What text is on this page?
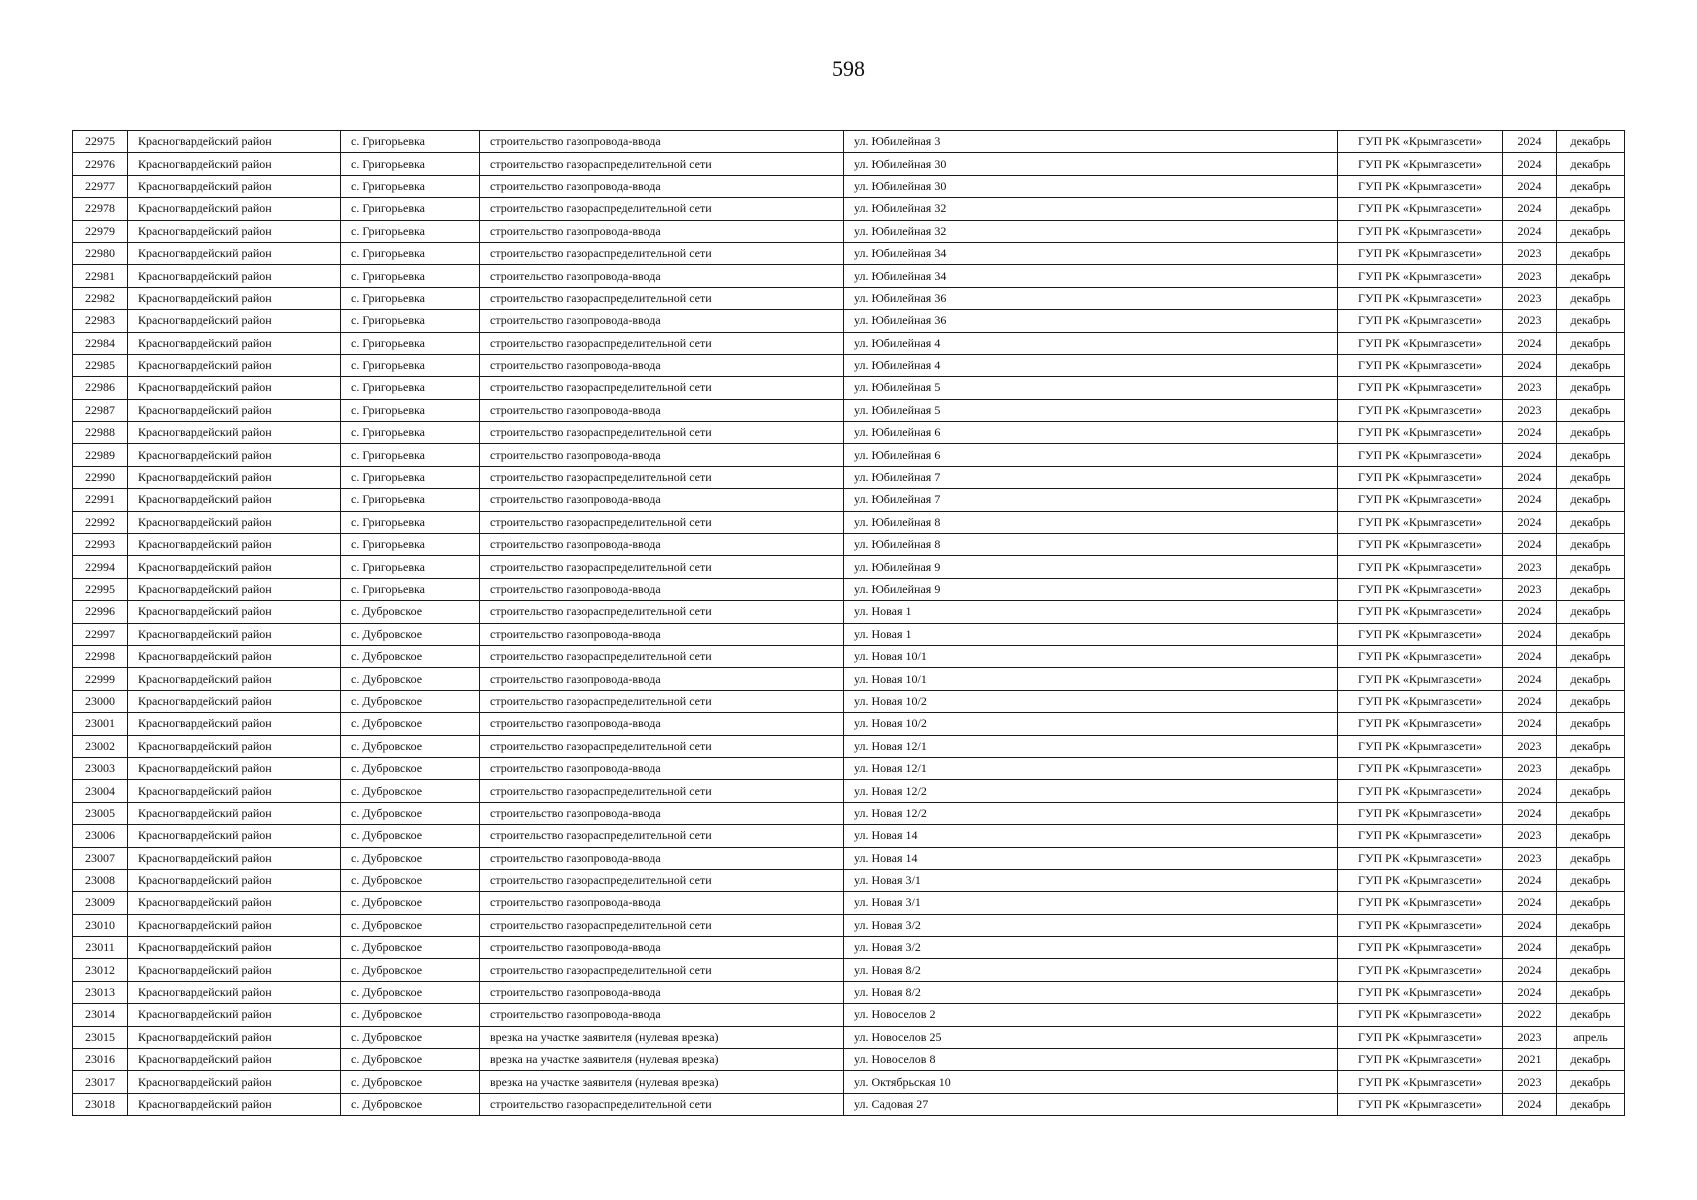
598
22975	Красногвардейский район	с. Григорьевка	строительство газопровода-ввода	ул. Юбилейная 3	ГУП РК «Крымгазсети»	2024	декабрь
22976	Красногвардейский район	с. Григорьевка	строительство газораспределительной сети	ул. Юбилейная 30	ГУП РК «Крымгазсети»	2024	декабрь
22977	Красногвардейский район	с. Григорьевка	строительство газопровода-ввода	ул. Юбилейная 30	ГУП РК «Крымгазсети»	2024	декабрь
22978	Красногвардейский район	с. Григорьевка	строительство газораспределительной сети	ул. Юбилейная 32	ГУП РК «Крымгазсети»	2024	декабрь
22979	Красногвардейский район	с. Григорьевка	строительство газопровода-ввода	ул. Юбилейная 32	ГУП РК «Крымгазсети»	2024	декабрь
22980	Красногвардейский район	с. Григорьевка	строительство газораспределительной сети	ул. Юбилейная 34	ГУП РК «Крымгазсети»	2023	декабрь
22981	Красногвардейский район	с. Григорьевка	строительство газопровода-ввода	ул. Юбилейная 34	ГУП РК «Крымгазсети»	2023	декабрь
22982	Красногвардейский район	с. Григорьевка	строительство газораспределительной сети	ул. Юбилейная 36	ГУП РК «Крымгазсети»	2023	декабрь
22983	Красногвардейский район	с. Григорьевка	строительство газопровода-ввода	ул. Юбилейная 36	ГУП РК «Крымгазсети»	2023	декабрь
22984	Красногвардейский район	с. Григорьевка	строительство газораспределительной сети	ул. Юбилейная 4	ГУП РК «Крымгазсети»	2024	декабрь
22985	Красногвардейский район	с. Григорьевка	строительство газопровода-ввода	ул. Юбилейная 4	ГУП РК «Крымгазсети»	2024	декабрь
22986	Красногвардейский район	с. Григорьевка	строительство газораспределительной сети	ул. Юбилейная 5	ГУП РК «Крымгазсети»	2023	декабрь
22987	Красногвардейский район	с. Григорьевка	строительство газопровода-ввода	ул. Юбилейная 5	ГУП РК «Крымгазсети»	2023	декабрь
22988	Красногвардейский район	с. Григорьевка	строительство газораспределительной сети	ул. Юбилейная 6	ГУП РК «Крымгазсети»	2024	декабрь
22989	Красногвардейский район	с. Григорьевка	строительство газопровода-ввода	ул. Юбилейная 6	ГУП РК «Крымгазсети»	2024	декабрь
22990	Красногвардейский район	с. Григорьевка	строительство газораспределительной сети	ул. Юбилейная 7	ГУП РК «Крымгазсети»	2024	декабрь
22991	Красногвардейский район	с. Григорьевка	строительство газопровода-ввода	ул. Юбилейная 7	ГУП РК «Крымгазсети»	2024	декабрь
22992	Красногвардейский район	с. Григорьевка	строительство газораспределительной сети	ул. Юбилейная 8	ГУП РК «Крымгазсети»	2024	декабрь
22993	Красногвардейский район	с. Григорьевка	строительство газопровода-ввода	ул. Юбилейная 8	ГУП РК «Крымгазсети»	2024	декабрь
22994	Красногвардейский район	с. Григорьевка	строительство газораспределительной сети	ул. Юбилейная 9	ГУП РК «Крымгазсети»	2023	декабрь
22995	Красногвардейский район	с. Григорьевка	строительство газопровода-ввода	ул. Юбилейная 9	ГУП РК «Крымгазсети»	2023	декабрь
22996	Красногвардейский район	с. Дубровское	строительство газораспределительной сети	ул. Новая 1	ГУП РК «Крымгазсети»	2024	декабрь
22997	Красногвардейский район	с. Дубровское	строительство газопровода-ввода	ул. Новая 1	ГУП РК «Крымгазсети»	2024	декабрь
22998	Красногвардейский район	с. Дубровское	строительство газораспределительной сети	ул. Новая 10/1	ГУП РК «Крымгазсети»	2024	декабрь
22999	Красногвардейский район	с. Дубровское	строительство газопровода-ввода	ул. Новая 10/1	ГУП РК «Крымгазсети»	2024	декабрь
23000	Красногвардейский район	с. Дубровское	строительство газораспределительной сети	ул. Новая 10/2	ГУП РК «Крымгазсети»	2024	декабрь
23001	Красногвардейский район	с. Дубровское	строительство газопровода-ввода	ул. Новая 10/2	ГУП РК «Крымгазсети»	2024	декабрь
23002	Красногвардейский район	с. Дубровское	строительство газораспределительной сети	ул. Новая 12/1	ГУП РК «Крымгазсети»	2023	декабрь
23003	Красногвардейский район	с. Дубровское	строительство газопровода-ввода	ул. Новая 12/1	ГУП РК «Крымгазсети»	2023	декабрь
23004	Красногвардейский район	с. Дубровское	строительство газораспределительной сети	ул. Новая 12/2	ГУП РК «Крымгазсети»	2024	декабрь
23005	Красногвардейский район	с. Дубровское	строительство газопровода-ввода	ул. Новая 12/2	ГУП РК «Крымгазсети»	2024	декабрь
23006	Красногвардейский район	с. Дубровское	строительство газораспределительной сети	ул. Новая 14	ГУП РК «Крымгазсети»	2023	декабрь
23007	Красногвардейский район	с. Дубровское	строительство газопровода-ввода	ул. Новая 14	ГУП РК «Крымгазсети»	2023	декабрь
23008	Красногвардейский район	с. Дубровское	строительство газораспределительной сети	ул. Новая 3/1	ГУП РК «Крымгазсети»	2024	декабрь
23009	Красногвардейский район	с. Дубровское	строительство газопровода-ввода	ул. Новая 3/1	ГУП РК «Крымгазсети»	2024	декабрь
23010	Красногвардейский район	с. Дубровское	строительство газораспределительной сети	ул. Новая 3/2	ГУП РК «Крымгазсети»	2024	декабрь
23011	Красногвардейский район	с. Дубровское	строительство газопровода-ввода	ул. Новая 3/2	ГУП РК «Крымгазсети»	2024	декабрь
23012	Красногвардейский район	с. Дубровское	строительство газораспределительной сети	ул. Новая 8/2	ГУП РК «Крымгазсети»	2024	декабрь
23013	Красногвардейский район	с. Дубровское	строительство газопровода-ввода	ул. Новая 8/2	ГУП РК «Крымгазсети»	2024	декабрь
23014	Красногвардейский район	с. Дубровское	строительство газопровода-ввода	ул. Новоселов 2	ГУП РК «Крымгазсети»	2022	декабрь
23015	Красногвардейский район	с. Дубровское	врезка на участке заявителя (нулевая врезка)	ул. Новоселов 25	ГУП РК «Крымгазсети»	2023	апрель
23016	Красногвардейский район	с. Дубровское	врезка на участке заявителя (нулевая врезка)	ул. Новоселов 8	ГУП РК «Крымгазсети»	2021	декабрь
23017	Красногвардейский район	с. Дубровское	врезка на участке заявителя (нулевая врезка)	ул. Октябрьская 10	ГУП РК «Крымгазсети»	2023	декабрь
23018	Красногвардейский район	с. Дубровское	строительство газораспределительной сети	ул. Садовая 27	ГУП РК «Крымгазсети»	2024	декабрь
